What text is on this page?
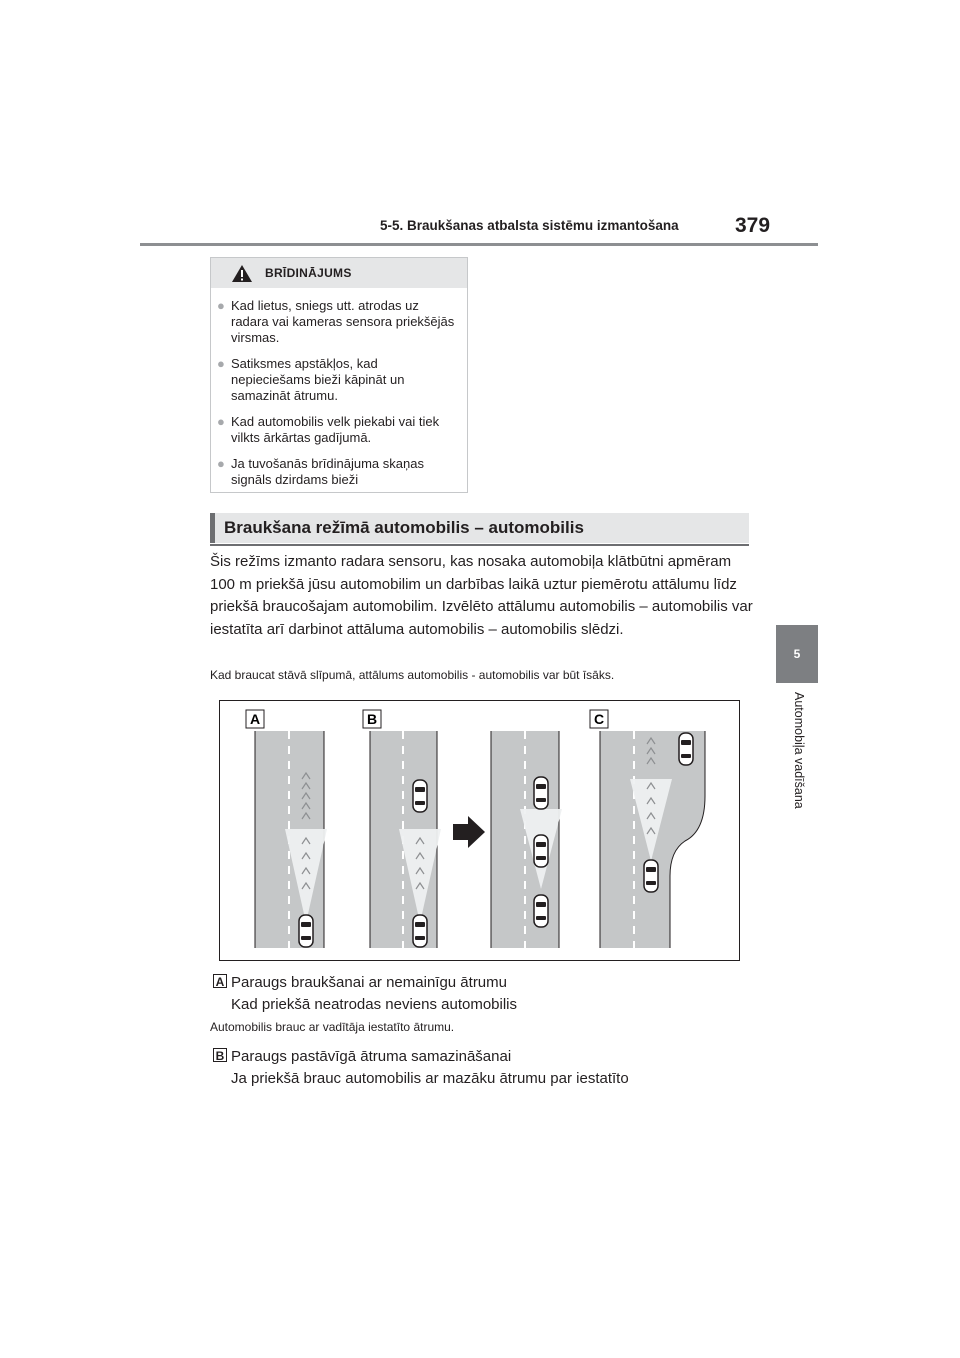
5-5. Braukšanas atbalsta sistēmu izmantošana	379
5
Automobiļa vadīšana
BRĪDINĀJUMS
● Kad lietus, sniegs utt. atrodas uz radara vai kameras sensora priekšējās virsmas.
● Satiksmes apstākļos, kad nepieciešams bieži kāpināt un samazināt ātrumu.
● Kad automobilis velk piekabi vai tiek vilkts ārkārtas gadījumā.
● Ja tuvošanās brīdinājuma skaņas signāls dzirdams bieži
Braukšana režīmā automobilis – automobilis
Šis režīms izmanto radara sensoru, kas nosaka automobiļa klātbūtni apmēram 100 m priekšā jūsu automobilim un darbības laikā uztur piemērotu attālumu līdz priekšā braucošajam automobilim. Izvēlēto attālumu automobilis – automobilis var iestatīta arī darbinot attāluma automobilis – automobilis slēdzi.
Kad braucat stāvā slīpumā, attālums automobilis - automobilis var būt īsāks.
A	B	C
A Paraugs braukšanai ar nemainīgu ātrumu
Kad priekšā neatrodas neviens automobilis
Automobilis brauc ar vadītāja iestatīto ātrumu.
B Paraugs pastāvīgā ātruma samazināšanai
Ja priekšā brauc automobilis ar mazāku ātrumu par iestatīto
